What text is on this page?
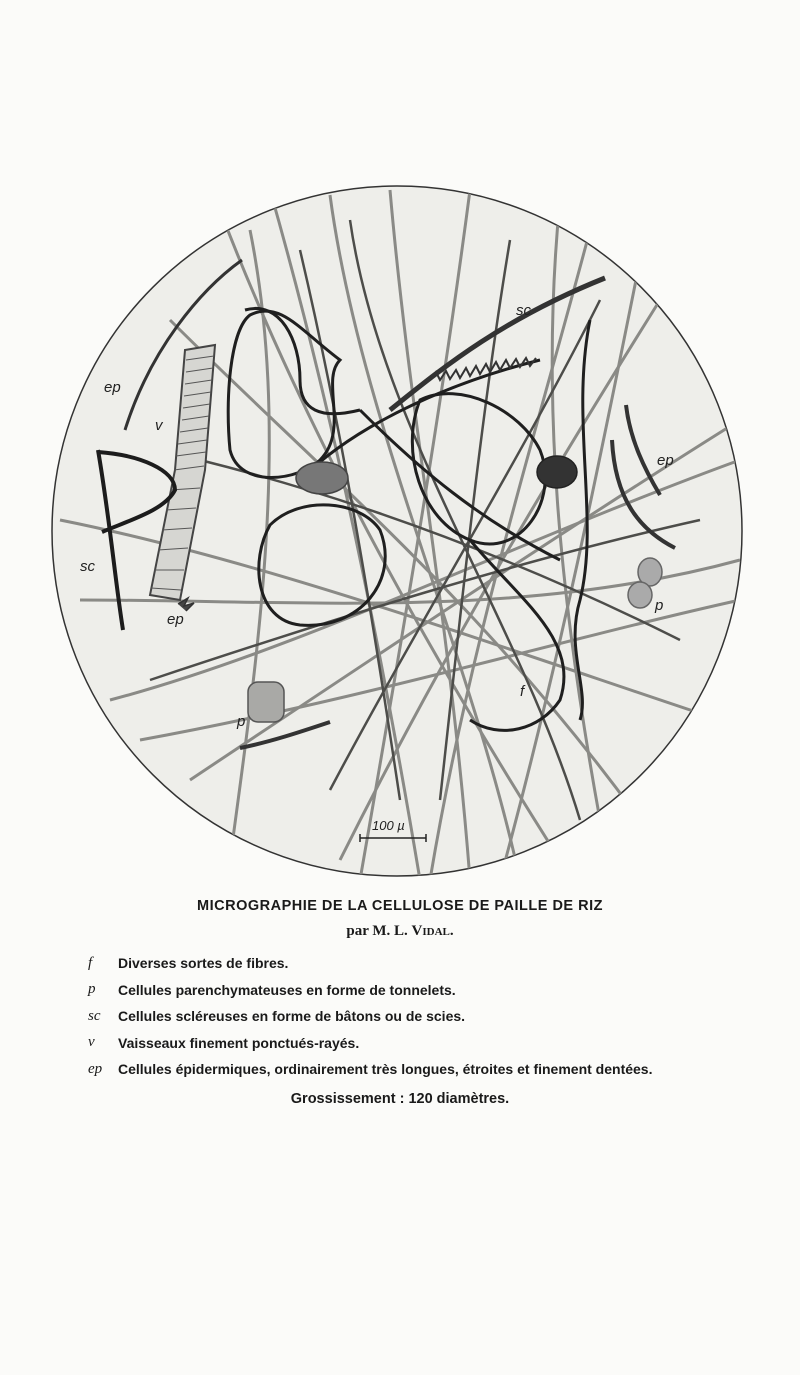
ep
v
sc
ep
sc
ep
p
p
f
100 µ

MICROGRAPHIE DE LA CELLULOSE DE PAILLE DE RIZ

par M. L. Vidal.

f	Diverses sortes de fibres.
p	Cellules parenchymateuses en forme de tonnelets.
sc	Cellules scléreuses en forme de bâtons ou de scies.
v	Vaisseaux finement ponctués-rayés.
ep	Cellules épidermiques, ordinairement très longues, étroites et finement dentées.

Grossissement : 120 diamètres.
